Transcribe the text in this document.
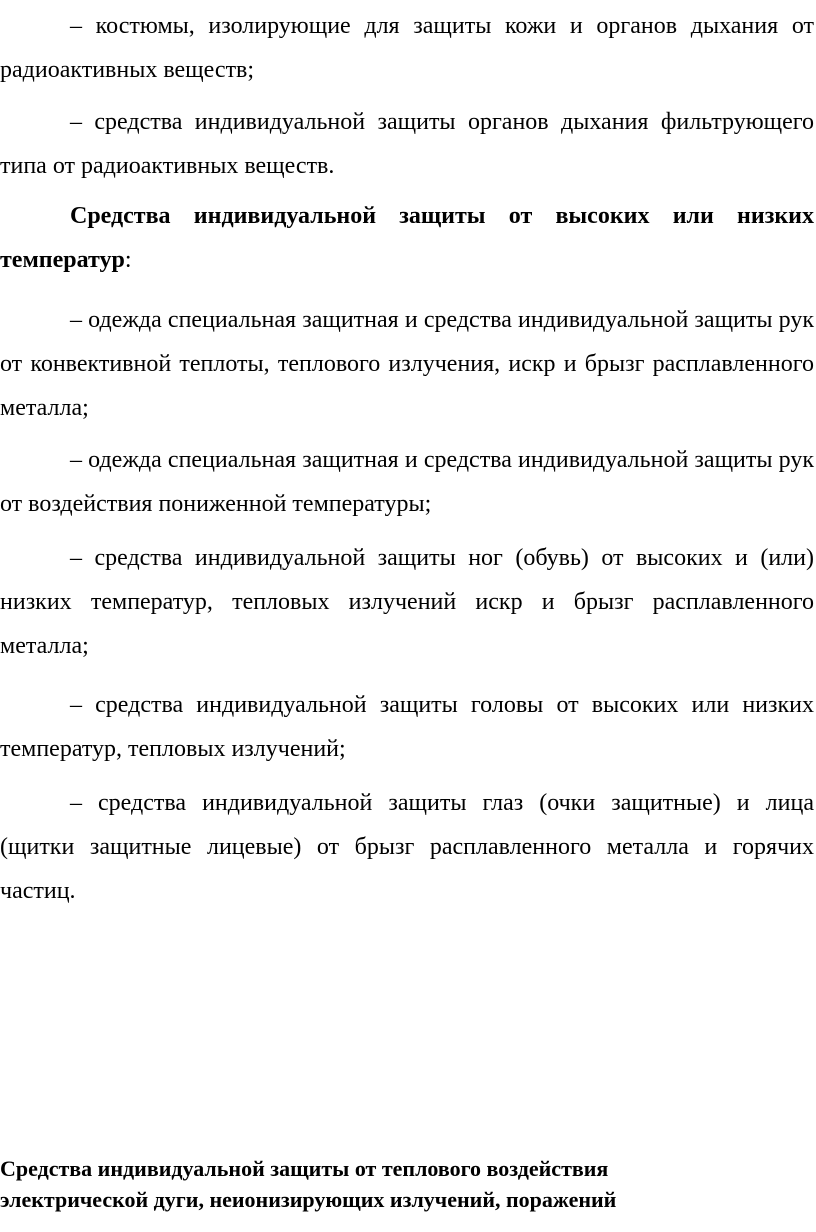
– костюмы, изолирующие для защиты кожи и органов дыхания от радиоактивных веществ;

– средства индивидуальной защиты органов дыхания фильтрующего типа от радиоактивных веществ.

Средства индивидуальной защиты от высоких или низких температур:

– одежда специальная защитная и средства индивидуальной защиты рук от конвективной теплоты, теплового излучения, искр и брызг расплавленного металла;

– одежда специальная защитная и средства индивидуальной защиты рук от воздействия пониженной температуры;

– средства индивидуальной защиты ног (обувь) от высоких и (или) низких температур, тепловых излучений искр и брызг расплавленного металла;

– средства индивидуальной защиты головы от высоких или низких температур, тепловых излучений;

– средства индивидуальной защиты глаз (очки защитные) и лица (щитки защитные лицевые) от брызг расплавленного металла и горячих частиц.

Средства индивидуальной защиты от теплового воздействия
электрической дуги, неионизирующих излучений, поражений
